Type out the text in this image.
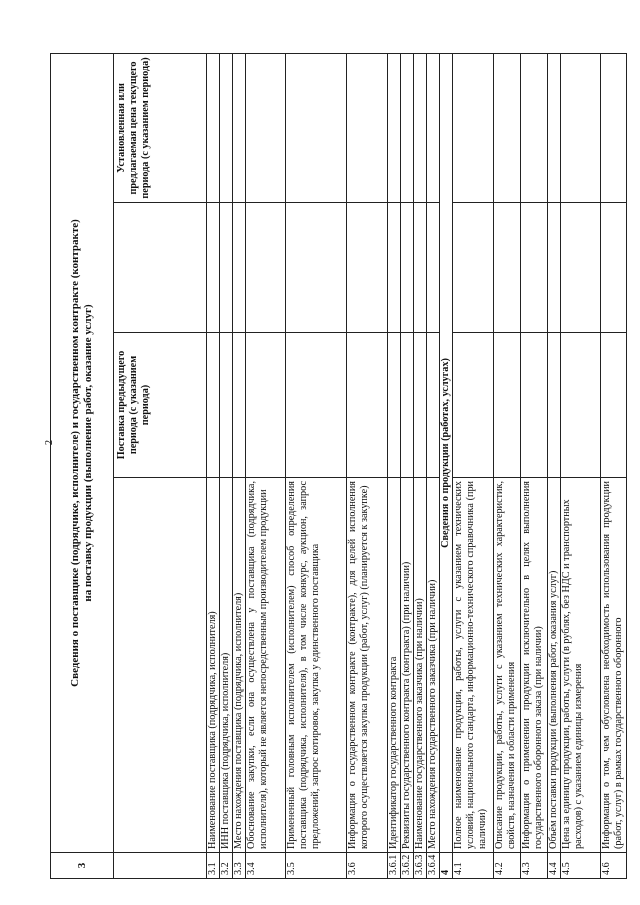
2
3	Сведения о поставщике (подрядчике, исполнителе) и государственном контракте (контракте) на поставку продукции (выполнение работ, оказание услуг)			

		Поставка предыдущего периода (с указанием периода)		Установленная или предлагаемая цена текущего периода (с указанием периода)
3.1	Наименование поставщика (подрядчика, исполнителя)			
3.2	ИНН поставщика (подрядчика, исполнителя)			
3.3	Место нахождения поставщика (подрядчика, исполнителя)			
3.4	Обоснование закупки, если она осуществлена у поставщика (подрядчика, исполнителя), который не является непосредственным производителем продукции			
3.5	Примененный головным исполнителем (исполнителем) способ определения поставщика (подрядчика, исполнителя), в том числе конкурс, аукцион, запрос предложений, запрос котировок, закупка у единственного поставщика			
3.6	Информация о государственном контракте (контракте), для целей исполнения которого осуществляется закупка продукции (работ, услуг) (планируется к закупке)			
3.6.1	Идентификатор государственного контракта			
3.6.2	Реквизиты государственного контракта (контракта) (при наличии)			
3.6.3	Наименование государственного заказчика (при наличии)			
3.6.4	Место нахождения государственного заказчика (при наличии)			
4	Сведения о продукции (работах, услугах)			
4.1	Полное наименование продукции, работы, услуги с указанием технических условий, национального стандарта, информационно-технического справочника (при наличии)			
4.2	Описание продукции, работы, услуги с указанием технических характеристик, свойств, назначения и области применения			
4.3	Информация о применении продукции исключительно в целях выполнения государственного оборонного заказа (при наличии)			
4.4	Объём поставки продукции (выполнения работ, оказания услуг)			
4.5	Цена за единицу продукции, работы, услуги (в рублях, без НДС и транспортных расходов) с указанием единицы измерения			
4.6	Информация о том, чем обусловлена необходимость использования продукции (работ, услуг) в рамках государственного оборонного			
